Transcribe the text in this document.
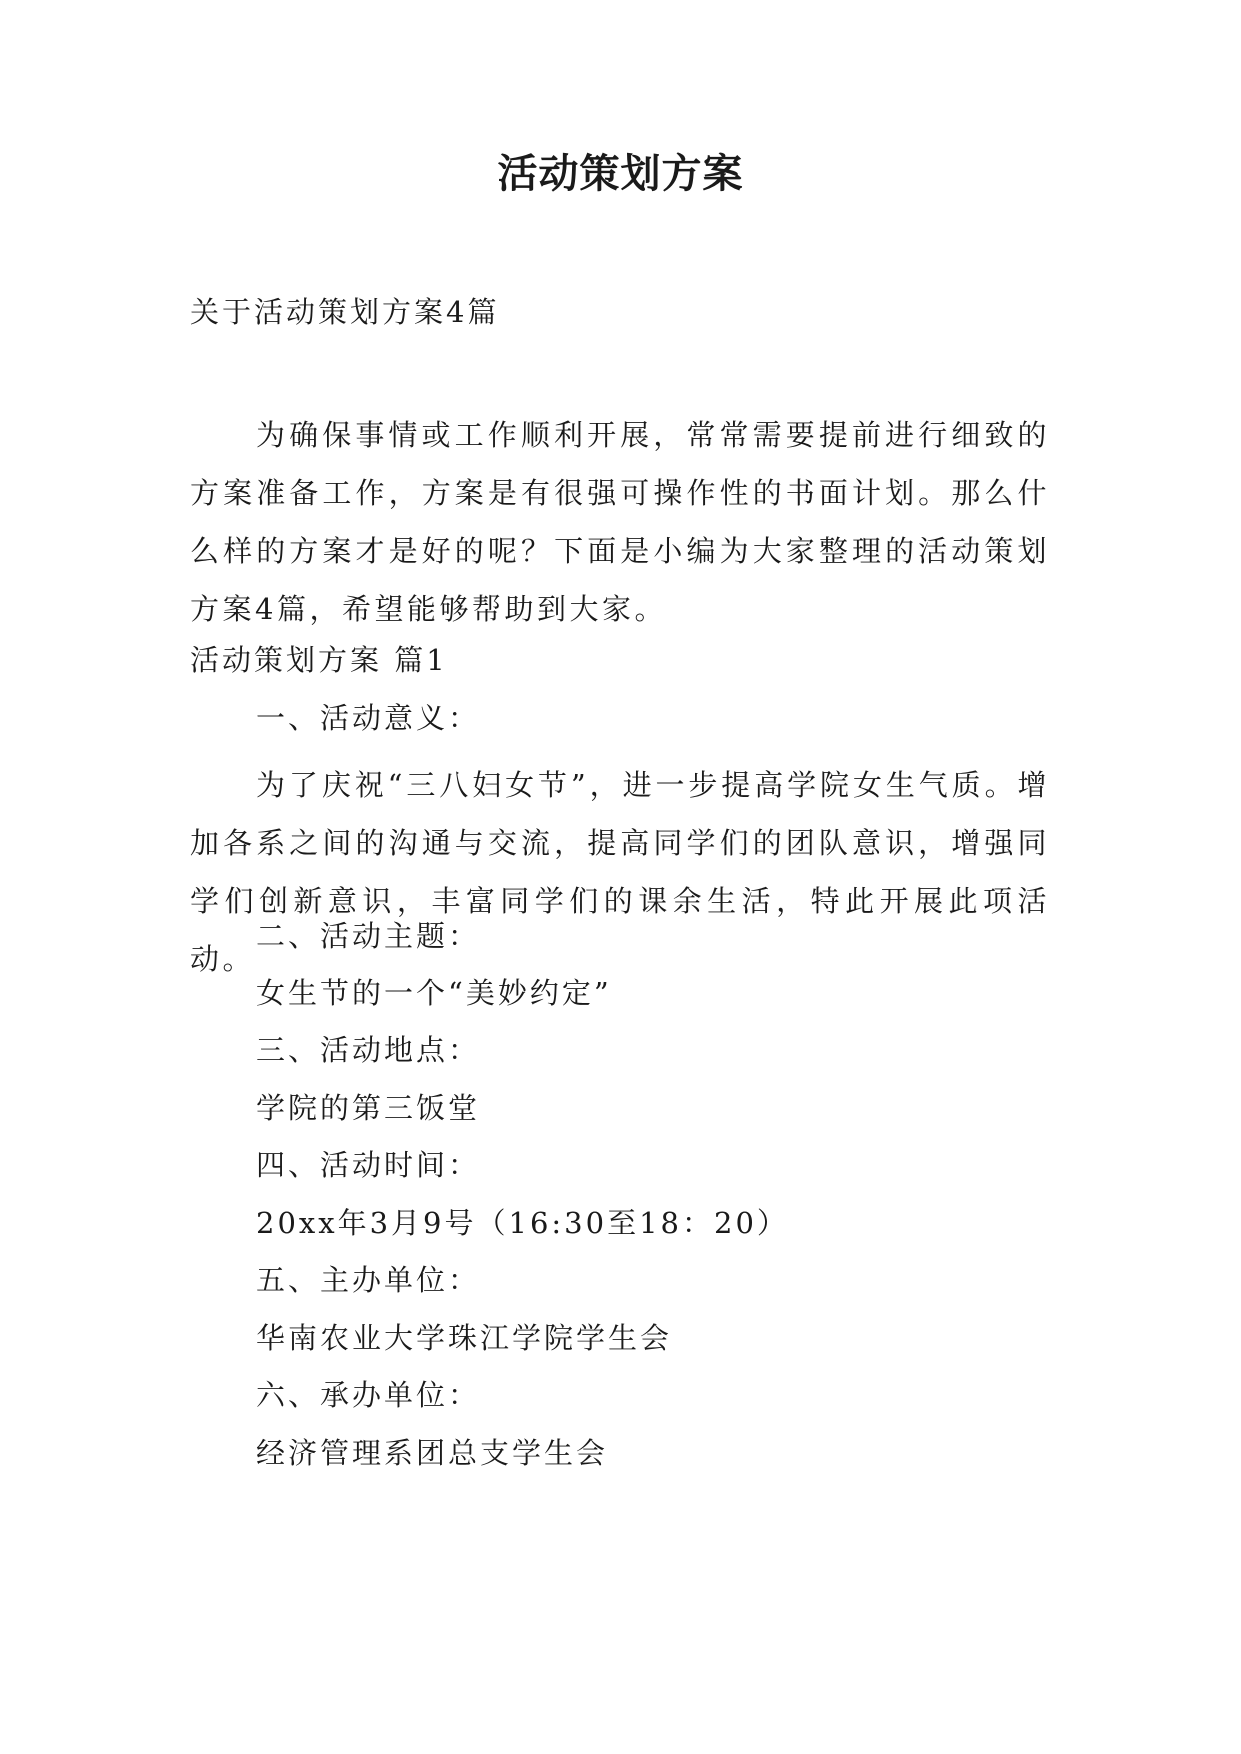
活动策划方案
关于活动策划方案4篇
为确保事情或工作顺利开展，常常需要提前进行细致的方案准备工作，方案是有很强可操作性的书面计划。那么什么样的方案才是好的呢？下面是小编为大家整理的活动策划方案4篇，希望能够帮助到大家。
活动策划方案 篇1
一、活动意义：
为了庆祝“三八妇女节”，进一步提高学院女生气质。增加各系之间的沟通与交流，提高同学们的团队意识，增强同学们创新意识，丰富同学们的课余生活，特此开展此项活动。
二、活动主题：
女生节的一个“美妙约定”
三、活动地点：
学院的第三饭堂
四、活动时间：
20xx年3月9号（16:30至18：20）
五、主办单位：
华南农业大学珠江学院学生会
六、承办单位：
经济管理系团总支学生会
